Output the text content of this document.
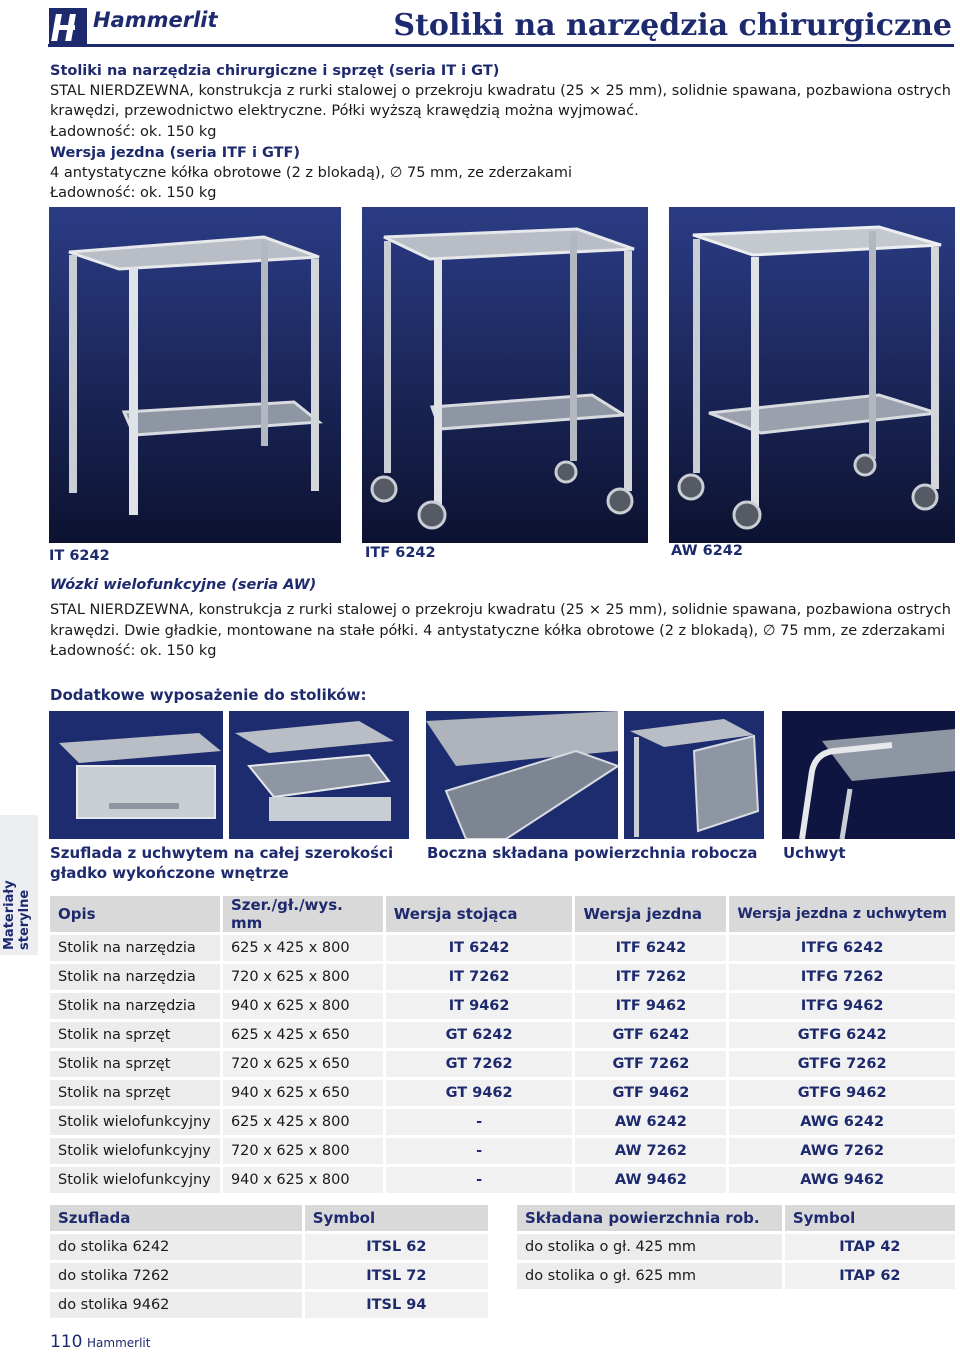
Hammerlit	Stoliki na narzędzia chirurgiczne
Stoliki na narzędzia chirurgiczne i sprzęt (seria IT i GT)
STAL NIERDZEWNA, konstrukcja z rurki stalowej o przekroju kwadratu (25 × 25 mm), solidnie spawana, pozbawiona ostrych
krawędzi, przewodnictwo elektryczne. Półki wyższą krawędzią można wyjmować.
Ładowność: ok. 150 kg
Wersja jezdna (seria ITF i GTF)
4 antystatyczne kółka obrotowe (2 z blokadą), ∅ 75 mm, ze zderzakami
Ładowność: ok. 150 kg
IT 6242	ITF 6242	AW 6242
Wózki wielofunkcyjne (seria AW)
STAL NIERDZEWNA, konstrukcja z rurki stalowej o przekroju kwadratu (25 × 25 mm), solidnie spawana, pozbawiona ostrych
krawędzi. Dwie gładkie, montowane na stałe półki. 4 antystatyczne kółka obrotowe (2 z blokadą), ∅ 75 mm, ze zderzakami
Ładowność: ok. 150 kg
Dodatkowe wyposażenie do stolików:
Szuflada z uchwytem na całej szerokości
gładko wykończone wnętrze
Boczna składana powierzchnia robocza Uchwyt
Materiały sterylne Opis	Szer./gł./wys. mm	Wersja stojąca	Wersja jezdna	Wersja jezdna z uchwytem
Stolik na narzędzia	625 x 425 x 800	IT 6242	ITF 6242	ITFG 6242
Stolik na narzędzia	720 x 625 x 800	IT 7262	ITF 7262	ITFG 7262
Stolik na narzędzia	940 x 625 x 800	IT 9462	ITF 9462	ITFG 9462
Stolik na sprzęt	625 x 425 x 650	GT 6242	GTF 6242	GTFG 6242
Stolik na sprzęt	720 x 625 x 650	GT 7262	GTF 7262	GTFG 7262
Stolik na sprzęt	940 x 625 x 650	GT 9462	GTF 9462	GTFG 9462
Stolik wielofunkcyjny	625 x 425 x 800	-	AW 6242	AWG 6242
Stolik wielofunkcyjny	720 x 625 x 800	-	AW 7262	AWG 7262
Stolik wielofunkcyjny	940 x 625 x 800	-	AW 9462	AWG 9462
Szuflada	Symbol
do stolika 6242	ITSL 62
do stolika 7262	ITSL 72
do stolika 9462	ITSL 94
Składana powierzchnia rob.	Symbol
do stolika o gł. 425 mm	ITAP 42
do stolika o gł. 625 mm	ITAP 62
110 Hammerlit
